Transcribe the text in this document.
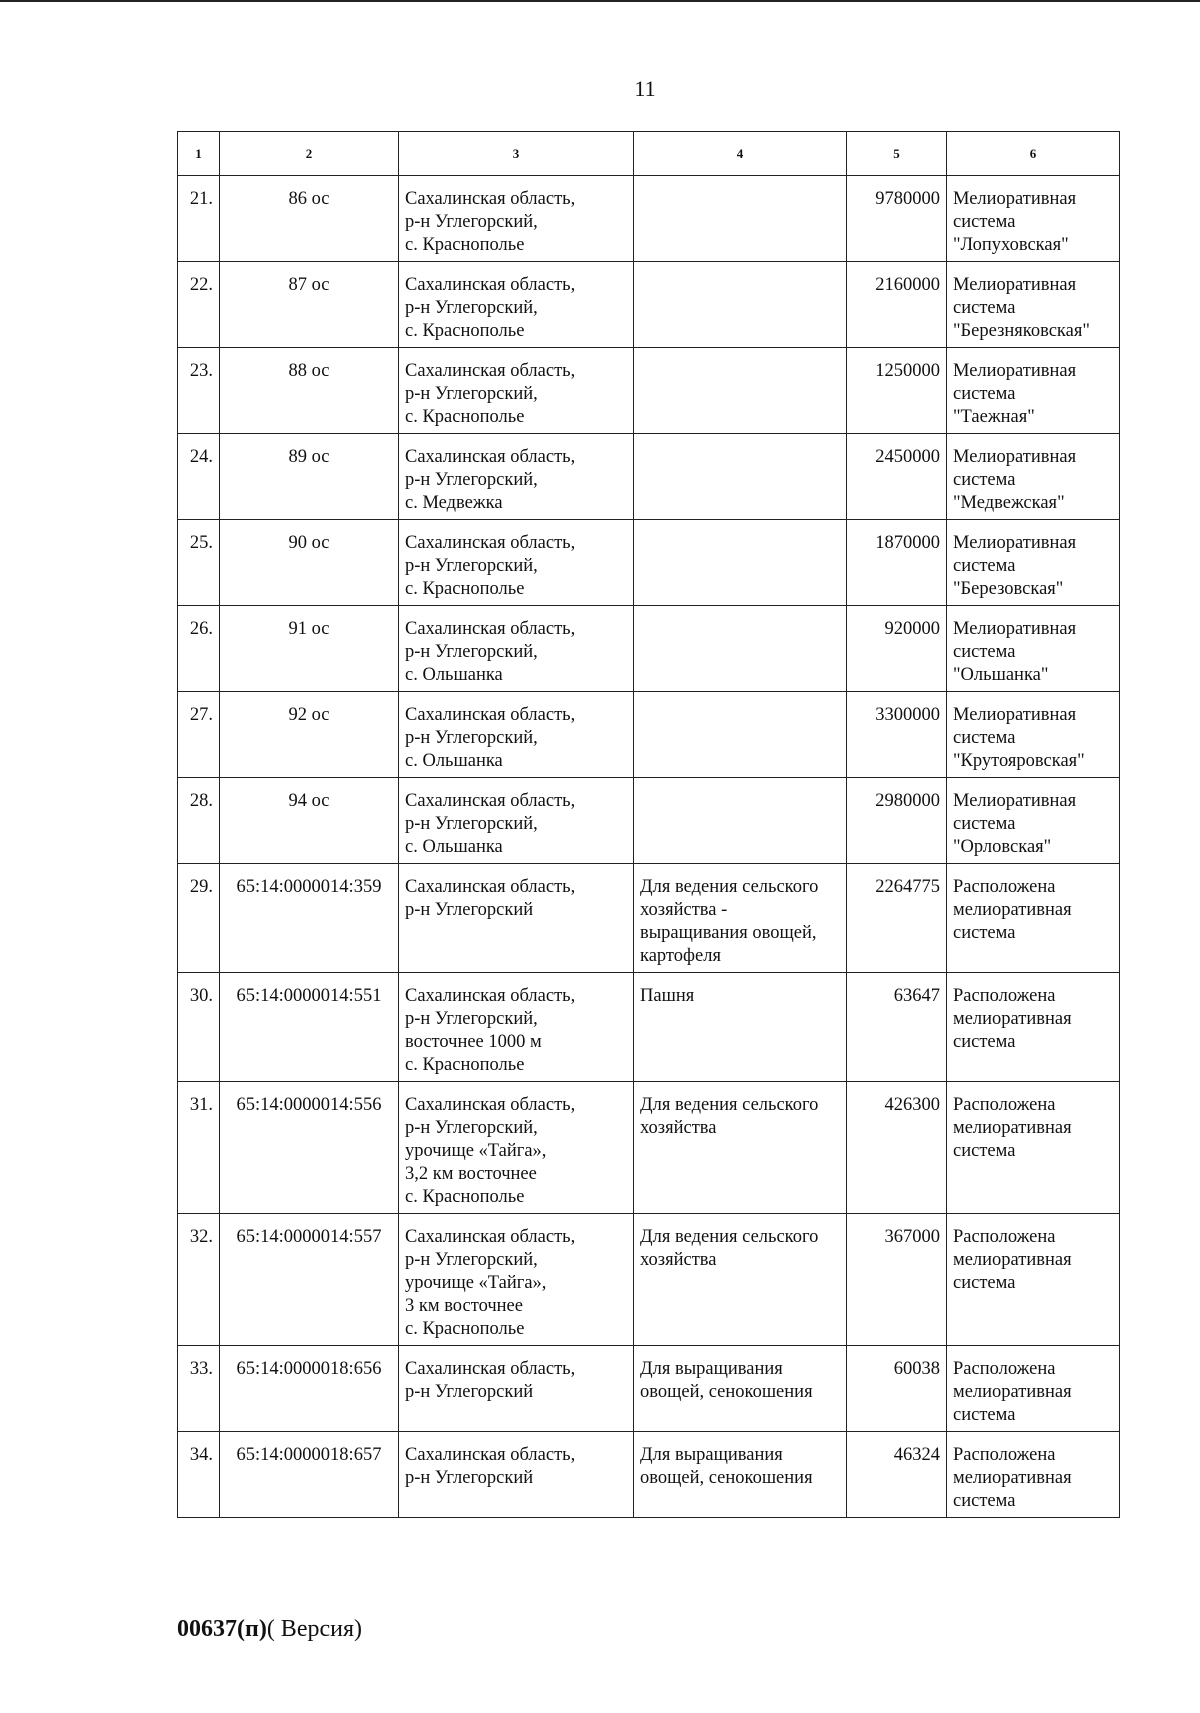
11
1	2	3	4	5	6
21.	86 ос	Сахалинская область,
р-н Углегорский,
с. Краснополье		9780000	Мелиоративная
система
"Лопуховская"

22.	87 ос	Сахалинская область,
р-н Углегорский,
с. Краснополье		2160000	Мелиоративная
система
"Березняковская"

23.	88 ос	Сахалинская область,
р-н Углегорский,
с. Краснополье		1250000	Мелиоративная
система
"Таежная"

24.	89 ос	Сахалинская область,
р-н Углегорский,
с. Медвежка		2450000	Мелиоративная
система
"Медвежская"

25.	90 ос	Сахалинская область,
р-н Углегорский,
с. Краснополье		1870000	Мелиоративная
система
"Березовская"

26.	91 ос	Сахалинская область,
р-н Углегорский,
с. Ольшанка		920000	Мелиоративная
система
"Ольшанка"

27.	92 ос	Сахалинская область,
р-н Углегорский,
с. Ольшанка		3300000	Мелиоративная
система
"Крутояровская"

28.	94 ос	Сахалинская область,
р-н Углегорский,
с. Ольшанка		2980000	Мелиоративная
система
"Орловская"

29.	65:14:0000014:359	Сахалинская область,
р-н Углегорский	Для ведения сельского
хозяйства -
выращивания овощей,
картофеля	2264775	Расположена
мелиоративная
система

30.	65:14:0000014:551	Сахалинская область,
р-н Углегорский,
восточнее 1000 м
с. Краснополье	Пашня	63647	Расположена
мелиоративная
система

31.	65:14:0000014:556	Сахалинская область,
р-н Углегорский,
урочище «Тайга»,
3,2 км восточнее
с. Краснополье	Для ведения сельского
хозяйства	426300	Расположена
мелиоративная
система

32.	65:14:0000014:557	Сахалинская область,
р-н Углегорский,
урочище «Тайга»,
3 км восточнее
с. Краснополье	Для ведения сельского
хозяйства	367000	Расположена
мелиоративная
система

33.	65:14:0000018:656	Сахалинская область,
р-н Углегорский	Для выращивания
овощей, сенокошения	60038	Расположена
мелиоративная
система

34.	65:14:0000018:657	Сахалинская область,
р-н Углегорский	Для выращивания
овощей, сенокошения	46324	Расположена
мелиоративная
система
00637(п)( Версия)
